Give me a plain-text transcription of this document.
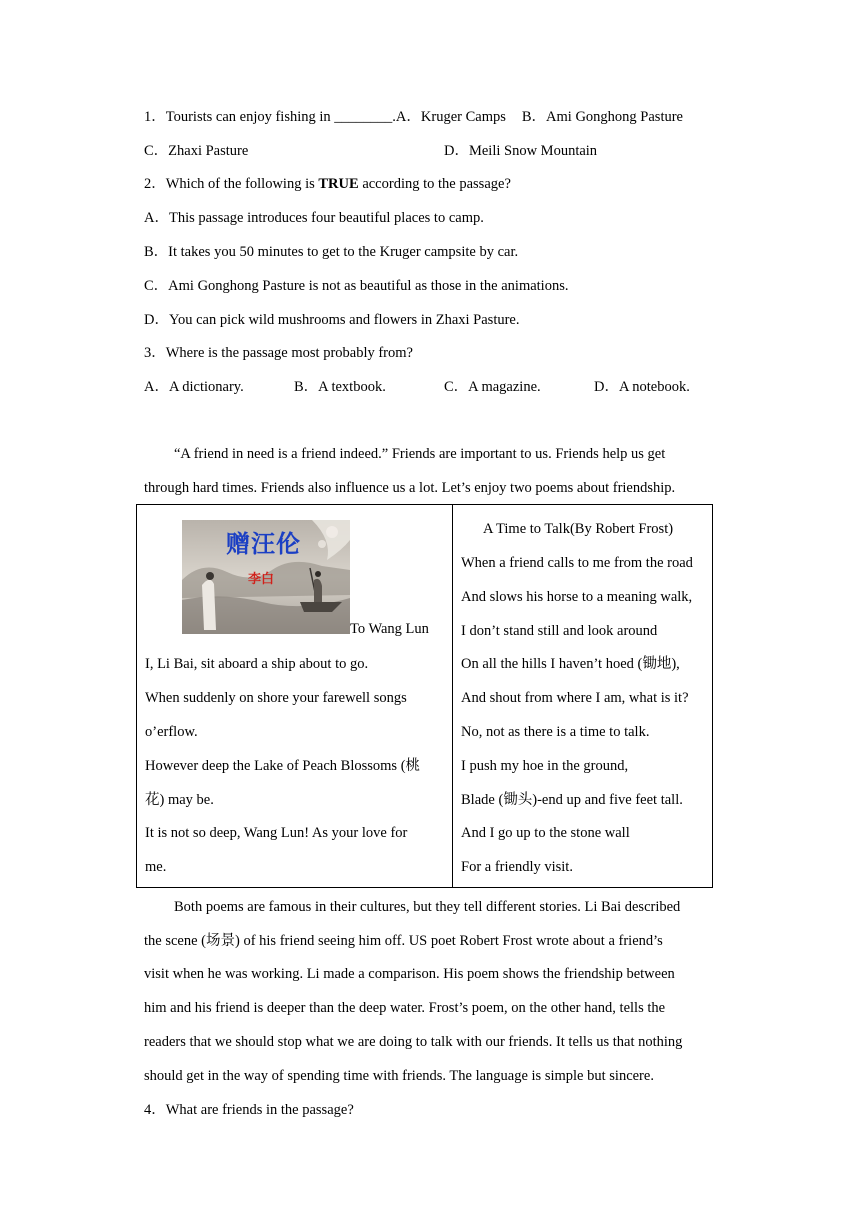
1．Tourists can enjoy fishing in ________.A．Kruger Camps B．Ami Gonghong Pasture
C．Zhaxi Pasture	D．Meili Snow Mountain
2．Which of the following is TRUE according to the passage?
A．This passage introduces four beautiful places to camp.
B．It takes you 50 minutes to get to the Kruger campsite by car.
C．Ami Gonghong Pasture is not as beautiful as those in the animations.
D．You can pick wild mushrooms and flowers in Zhaxi Pasture.
3．Where is the passage most probably from?
A．A dictionary.	B．A textbook.	C．A magazine.	D．A notebook.
“A friend in need is a friend indeed.” Friends are important to us. Friends help us get
through hard times. Friends also influence us a lot. Let’s enjoy two poems about friendship.
赠汪伦
李白
To Wang Lun
I, Li Bai, sit aboard a ship about to go.
When suddenly on shore your farewell songs
o’erflow.
However deep the Lake of Peach Blossoms (桃
花) may be.
It is not so deep, Wang Lun! As your love for
me.
A Time to Talk(By Robert Frost)
When a friend calls to me from the road
And slows his horse to a meaning walk,
I don’t stand still and look around
On all the hills I haven’t hoed (锄地),
And shout from where I am, what is it?
No, not as there is a time to talk.
I push my hoe in the ground,
Blade (锄头)-end up and five feet tall.
And I go up to the stone wall
For a friendly visit.
Both poems are famous in their cultures, but they tell different stories. Li Bai described
the scene (场景) of his friend seeing him off. US poet Robert Frost wrote about a friend’s
visit when he was working. Li made a comparison. His poem shows the friendship between
him and his friend is deeper than the deep water. Frost’s poem, on the other hand, tells the
readers that we should stop what we are doing to talk with our friends. It tells us that nothing
should get in the way of spending time with friends. The language is simple but sincere.
4．What are friends in the passage?
